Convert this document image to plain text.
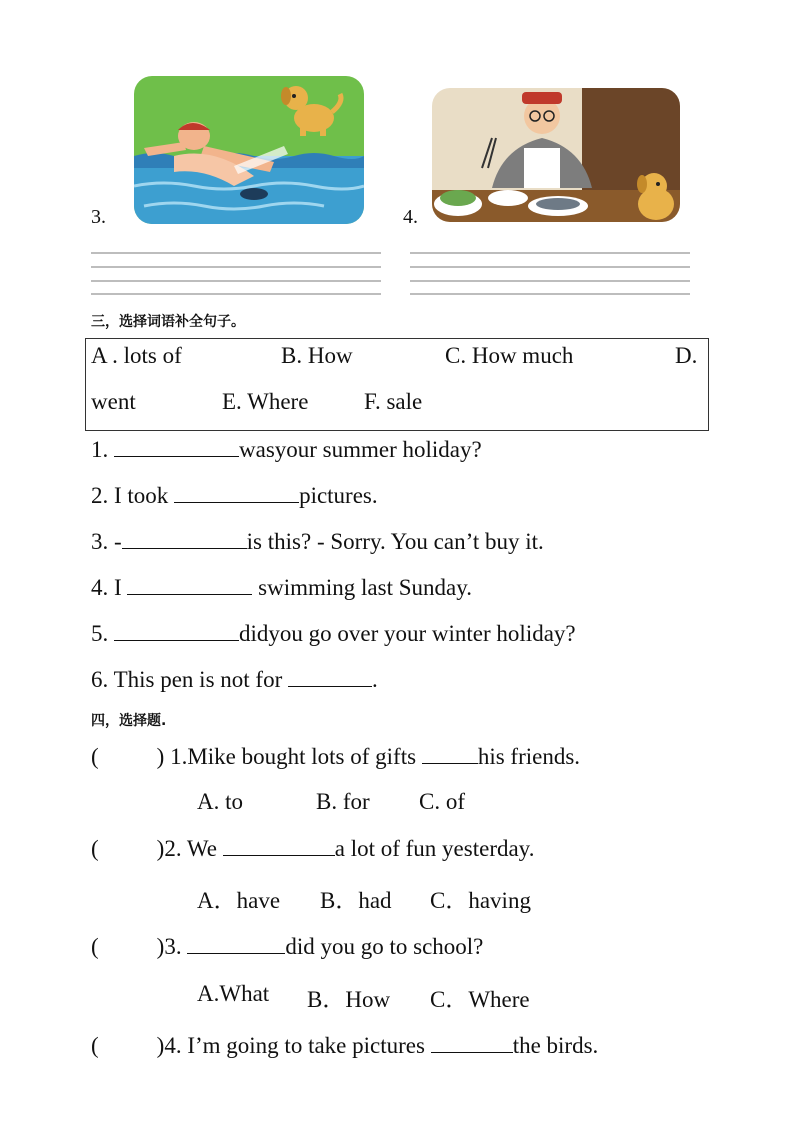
3.	4.
三，选择词语补全句子。
A . lots of	B. How	C. How much	D.
went	E. Where F. sale
1.	wasyour summer holiday?
2. I took	pictures.
3. -	is this? - Sorry. You can’t buy it.
4. I	swimming last Sunday.
5.	didyou go over your winter holiday?
6. This pen is not for	.
四，选择题.
(	) 1.Mike bought lots of gifts his friends.
A. to	B. for C. of
(	)2. We	a lot of fun yesterday.
A．have B．had C．having
(	)3.	did you go to school?
A.What B．How C．Where
(	)4. I’m going to take pictures	the birds.
